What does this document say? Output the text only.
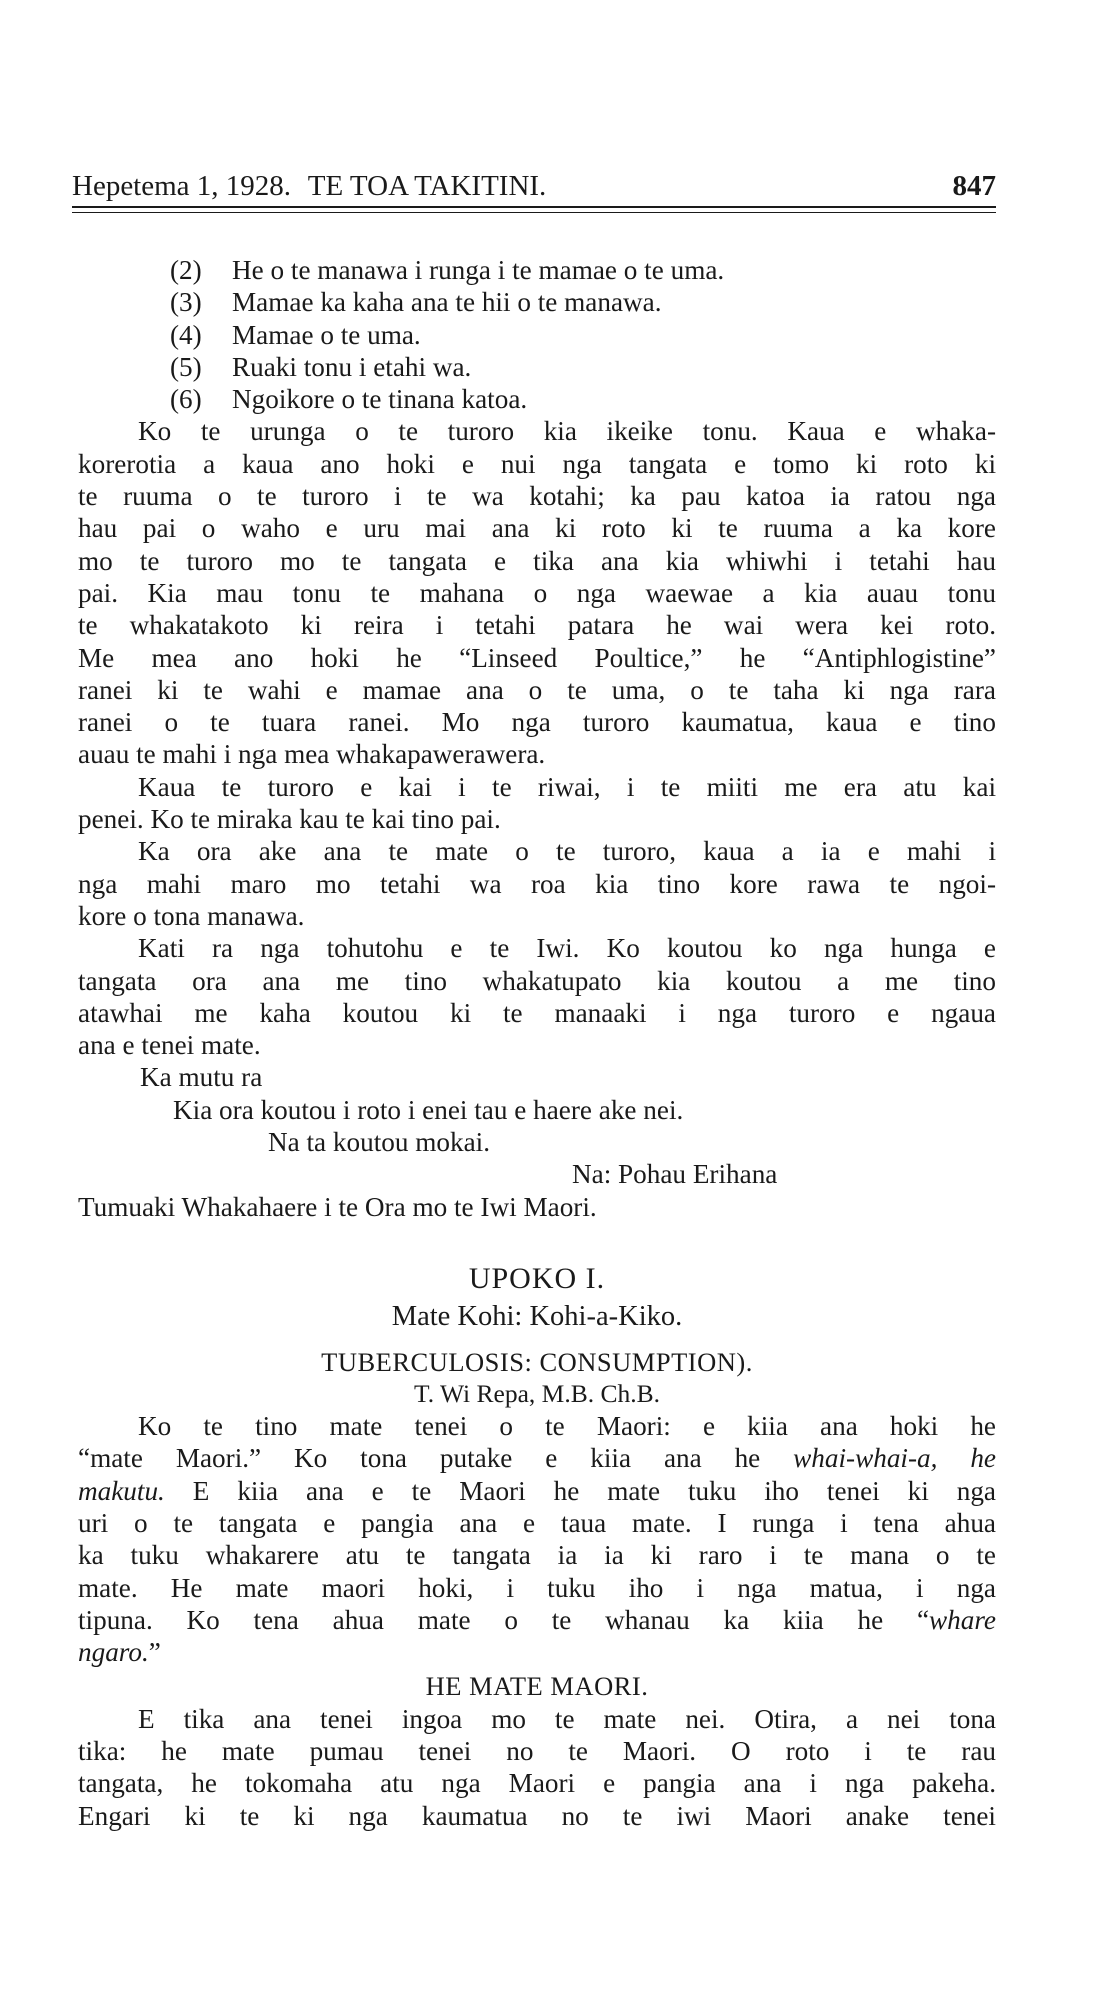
Hepetema 1, 1928. TE TOA TAKITINI.	847
(2) He o te manawa i runga i te mamae o te uma.
(3) Mamae ka kaha ana te hii o te manawa.
(4) Mamae o te uma.
(5) Ruaki tonu i etahi wa.
(6) Ngoikore o te tinana katoa.
Ko te urunga o te turoro kia ikeike tonu. Kaua e whaka-
korerotia a kaua ano hoki e nui nga tangata e tomo ki roto ki
te ruuma o te turoro i te wa kotahi; ka pau katoa ia ratou nga
hau pai o waho e uru mai ana ki roto ki te ruuma a ka kore
mo te turoro mo te tangata e tika ana kia whiwhi i tetahi hau
pai. Kia mau tonu te mahana o nga waewae a kia auau tonu
te whakatakoto ki reira i tetahi patara he wai wera kei roto.
Me mea ano hoki he “Linseed Poultice,” he “Antiphlogistine”
ranei ki te wahi e mamae ana o te uma, o te taha ki nga rara
ranei o te tuara ranei. Mo nga turoro kaumatua, kaua e tino
auau te mahi i nga mea whakapawerawera.
Kaua te turoro e kai i te riwai, i te miiti me era atu kai
penei. Ko te miraka kau te kai tino pai.
Ka ora ake ana te mate o te turoro, kaua a ia e mahi i
nga mahi maro mo tetahi wa roa kia tino kore rawa te ngoi-
kore o tona manawa.
Kati ra nga tohutohu e te Iwi. Ko koutou ko nga hunga e
tangata ora ana me tino whakatupato kia koutou a me tino
atawhai me kaha koutou ki te manaaki i nga turoro e ngaua
ana e tenei mate.
Ka mutu ra
Kia ora koutou i roto i enei tau e haere ake nei.
Na ta koutou mokai.
Na: Pohau Erihana
Tumuaki Whakahaere i te Ora mo te Iwi Maori.
UPOKO I.
Mate Kohi: Kohi-a-Kiko.
TUBERCULOSIS: CONSUMPTION).
T. Wi Repa, M.B. Ch.B.
Ko te tino mate tenei o te Maori: e kiia ana hoki he
“mate Maori.” Ko tona putake e kiia ana he whai-whai-a, he
makutu. E kiia ana e te Maori he mate tuku iho tenei ki nga
uri o te tangata e pangia ana e taua mate. I runga i tena ahua
ka tuku whakarere atu te tangata ia ia ki raro i te mana o te
mate. He mate maori hoki, i tuku iho i nga matua, i nga
tipuna. Ko tena ahua mate o te whanau ka kiia he “whare
ngaro.”
HE MATE MAORI.
E tika ana tenei ingoa mo te mate nei. Otira, a nei tona
tika: he mate pumau tenei no te Maori. O roto i te rau
tangata, he tokomaha atu nga Maori e pangia ana i nga pakeha.
Engari ki te ki nga kaumatua no te iwi Maori anake tenei
